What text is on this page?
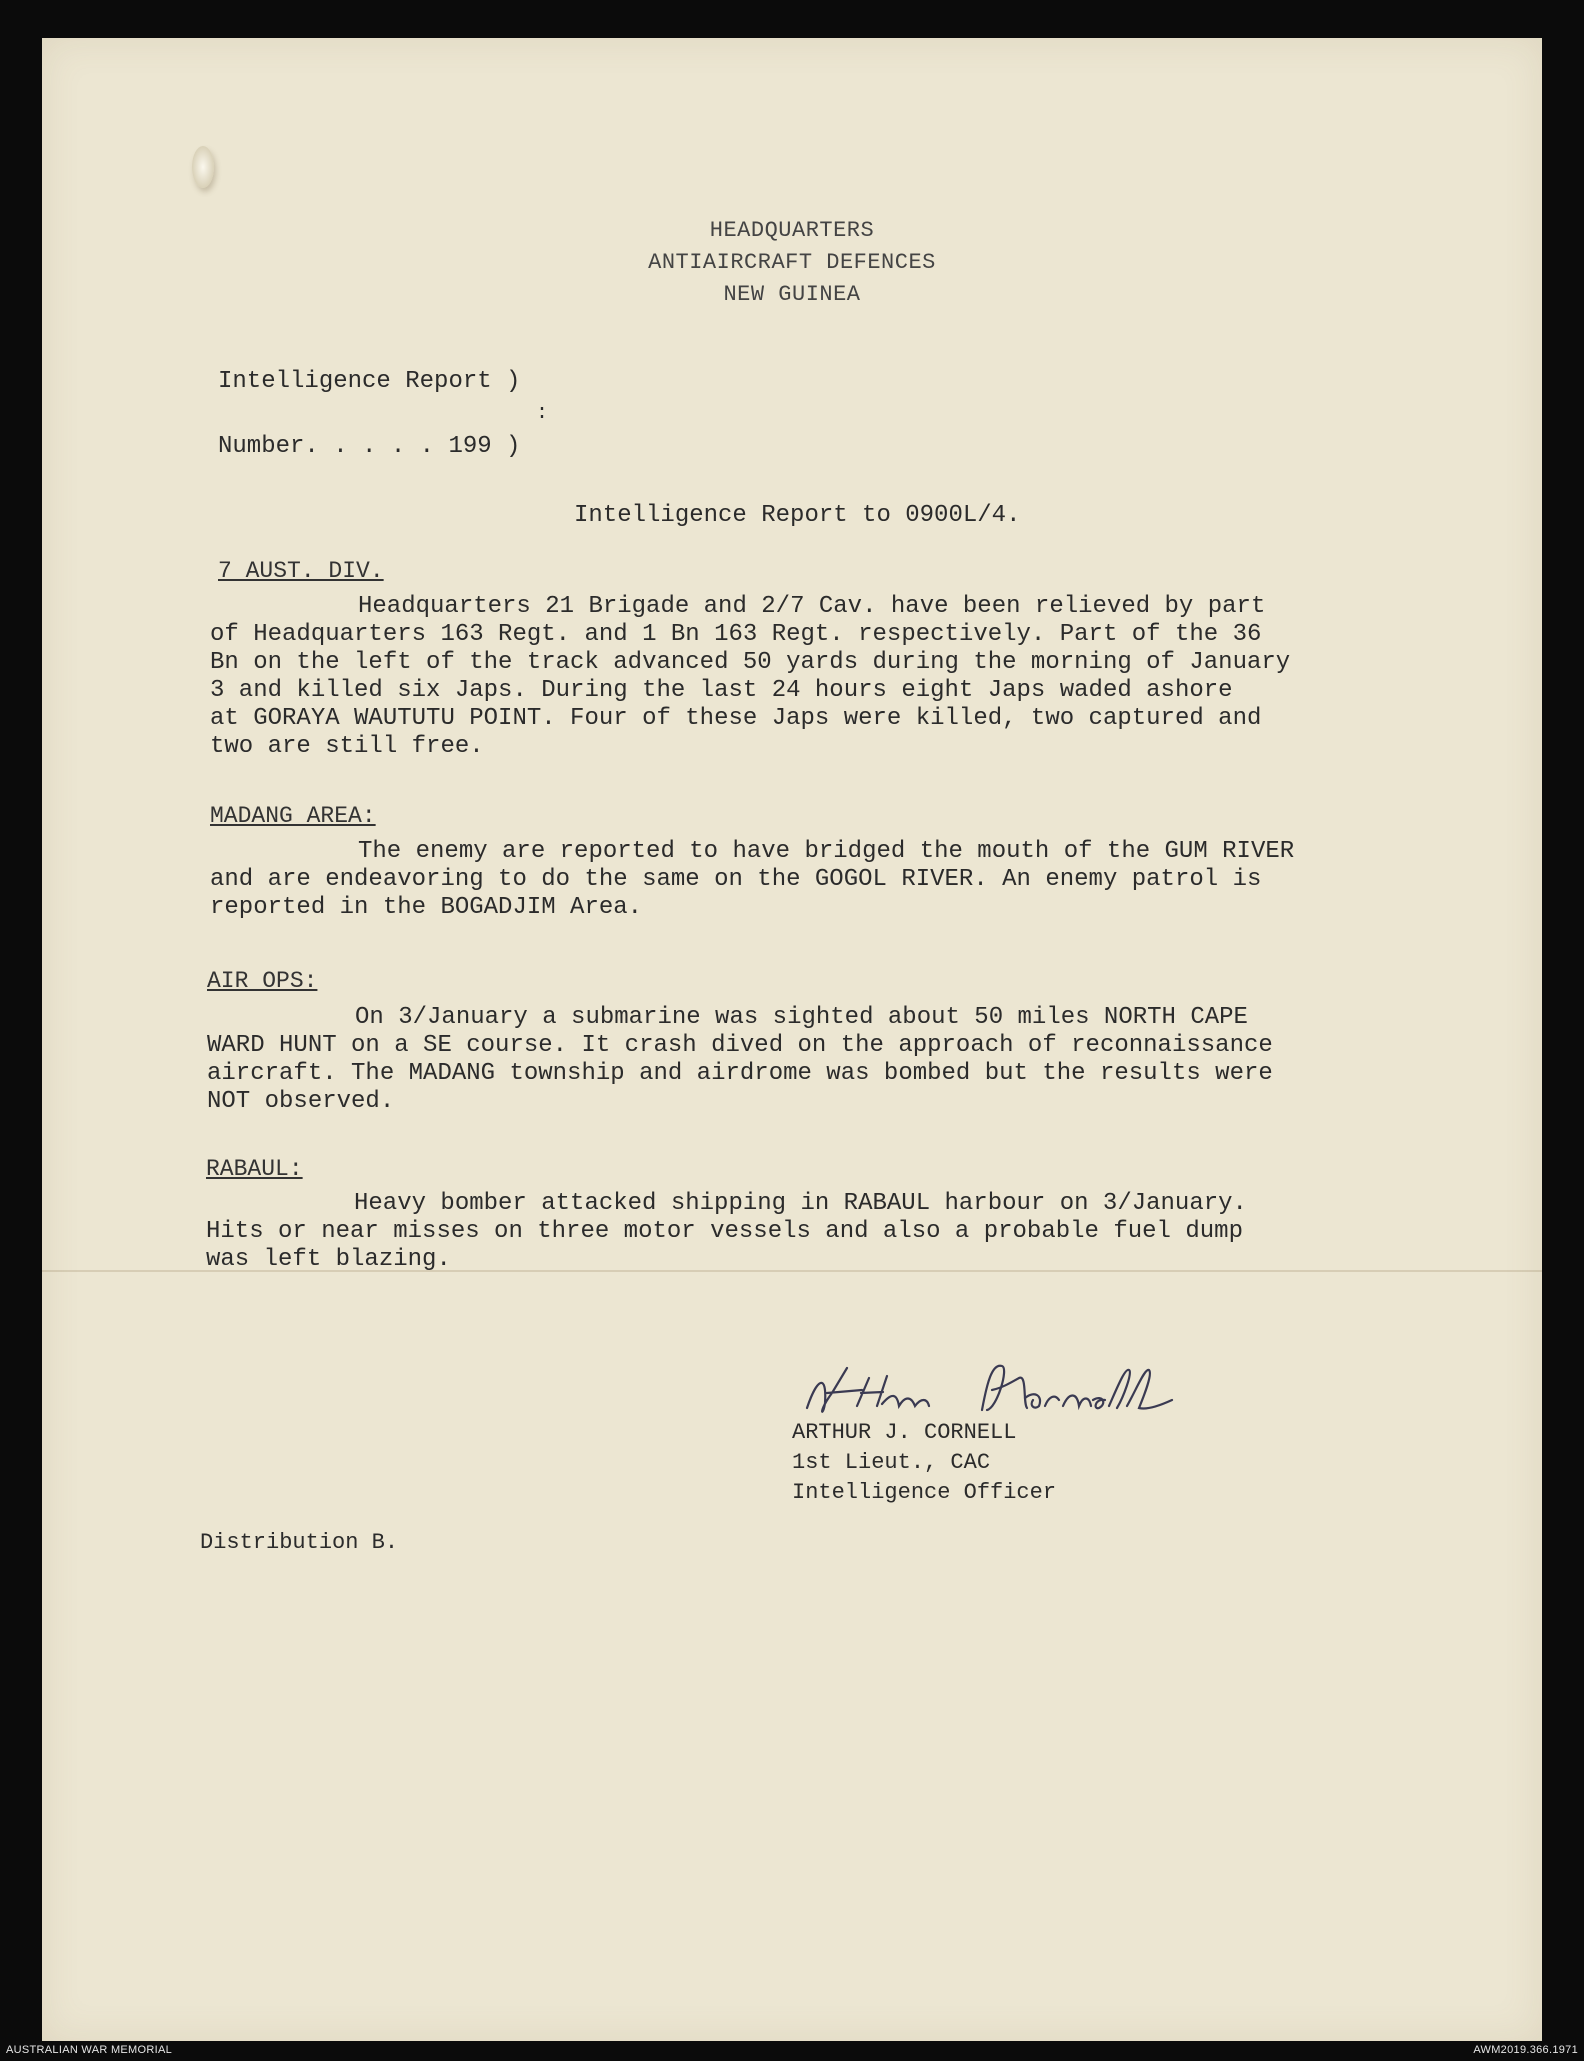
HEADQUARTERS
ANTIAIRCRAFT DEFENCES
NEW GUINEA
Intelligence Report )
:
Number. . . . . 199 )
Intelligence Report to 0900L/4.
7 AUST. DIV.
Headquarters 21 Brigade and 2/7 Cav. have been relieved by part
of Headquarters 163 Regt. and 1 Bn 163 Regt. respectively. Part of the 36
Bn on the left of the track advanced 50 yards during the morning of January
3 and killed six Japs. During the last 24 hours eight Japs waded ashore
at GORAYA WAUTUTU POINT. Four of these Japs were killed, two captured and
two are still free.
MADANG AREA:
The enemy are reported to have bridged the mouth of the GUM RIVER
and are endeavoring to do the same on the GOGOL RIVER. An enemy patrol is
reported in the BOGADJIM Area.
AIR OPS:
On 3/January a submarine was sighted about 50 miles NORTH CAPE
WARD HUNT on a SE course. It crash dived on the approach of reconnaissance
aircraft. The MADANG township and airdrome was bombed but the results were
NOT observed.
RABAUL:
Heavy bomber attacked shipping in RABAUL harbour on 3/January.
Hits or near misses on three motor vessels and also a probable fuel dump
was left blazing.
ARTHUR J. CORNELL
1st Lieut., CAC
Intelligence Officer
Distribution B.
AUSTRALIAN WAR MEMORIAL	AWM2019.366.1971
